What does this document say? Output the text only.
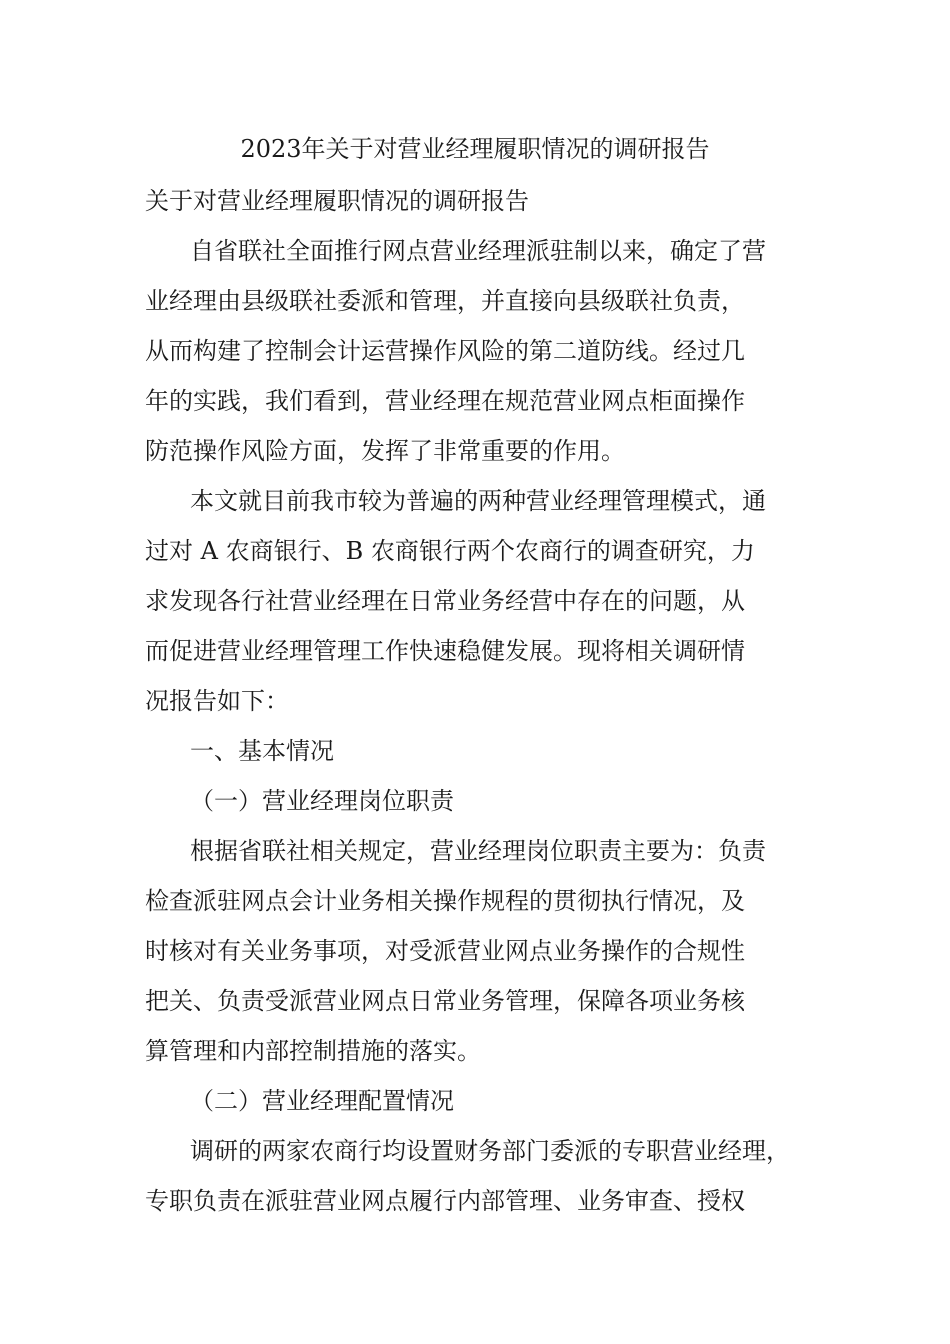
2023年关于对营业经理履职情况的调研报告

关于对营业经理履职情况的调研报告

自省联社全面推行网点营业经理派驻制以来，确定了营

业经理由县级联社委派和管理，并直接向县级联社负责，

从而构建了控制会计运营操作风险的第二道防线。经过几

年的实践，我们看到，营业经理在规范营业网点柜面操作

防范操作风险方面，发挥了非常重要的作用。

本文就目前我市较为普遍的两种营业经理管理模式，通

过对 A 农商银行、B 农商银行两个农商行的调查研究，力

求发现各行社营业经理在日常业务经营中存在的问题，从

而促进营业经理管理工作快速稳健发展。现将相关调研情

况报告如下：

一、基本情况

（一）营业经理岗位职责

根据省联社相关规定，营业经理岗位职责主要为：负责

检查派驻网点会计业务相关操作规程的贯彻执行情况，及

时核对有关业务事项，对受派营业网点业务操作的合规性

把关、负责受派营业网点日常业务管理，保障各项业务核

算管理和内部控制措施的落实。

（二）营业经理配置情况

调研的两家农商行均设置财务部门委派的专职营业经理，

专职负责在派驻营业网点履行内部管理、业务审查、授权
